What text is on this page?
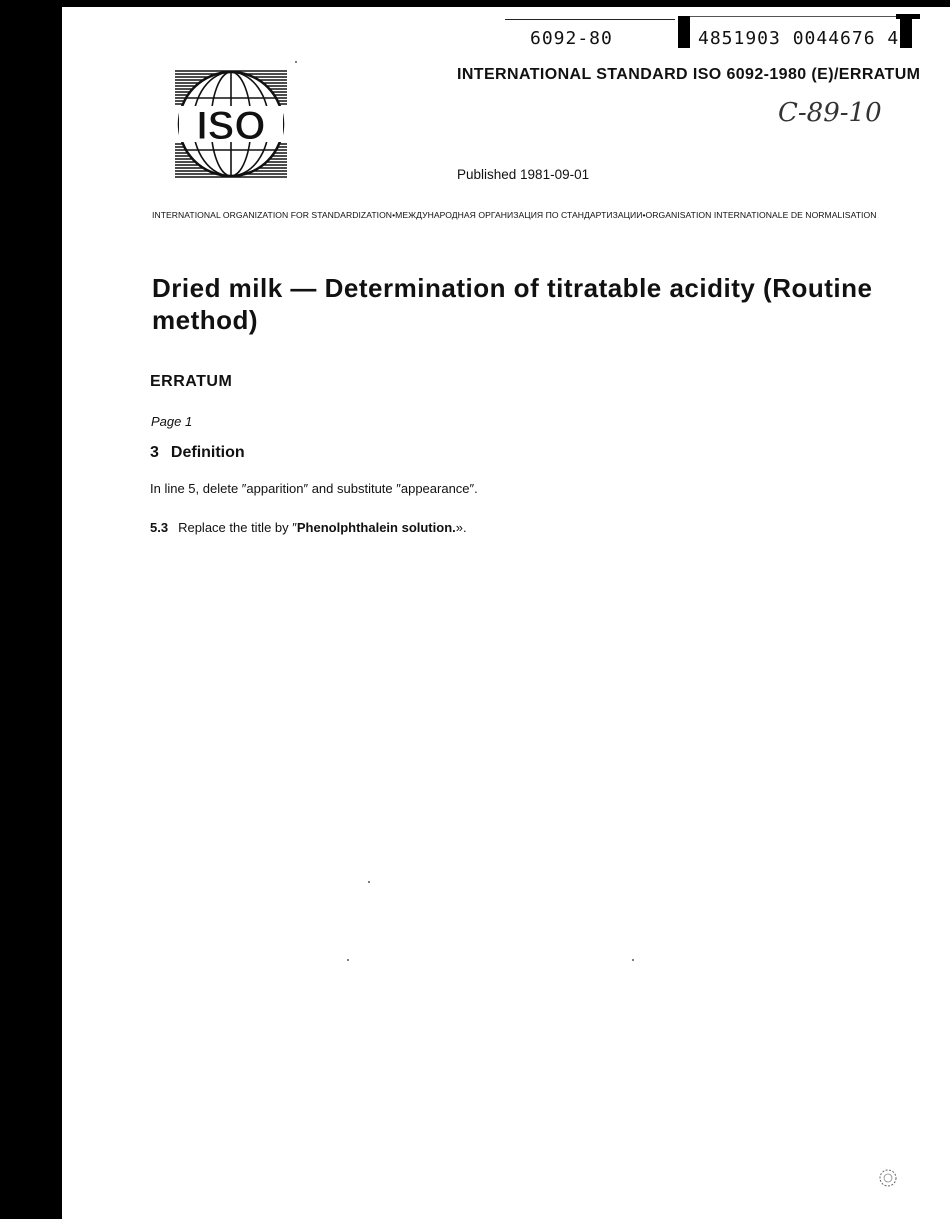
6092-80	4851903 0044676 4
ISO
INTERNATIONAL STANDARD ISO 6092-1980 (E)/ERRATUM
C-89-10
Published 1981-09-01
INTERNATIONAL ORGANIZATION FOR STANDARDIZATION•МЕЖДУНАРОДНАЯ ОРГАНИЗАЦИЯ ПО СТАНДАРТИЗАЦИИ•ORGANISATION INTERNATIONALE DE NORMALISATION
Dried milk — Determination of titratable acidity (Routine method)
ERRATUM
Page 1
3 Definition
In line 5, delete ″apparition″ and substitute ″appearance″.
5.3 Replace the title by ″Phenolphthalein solution.».
